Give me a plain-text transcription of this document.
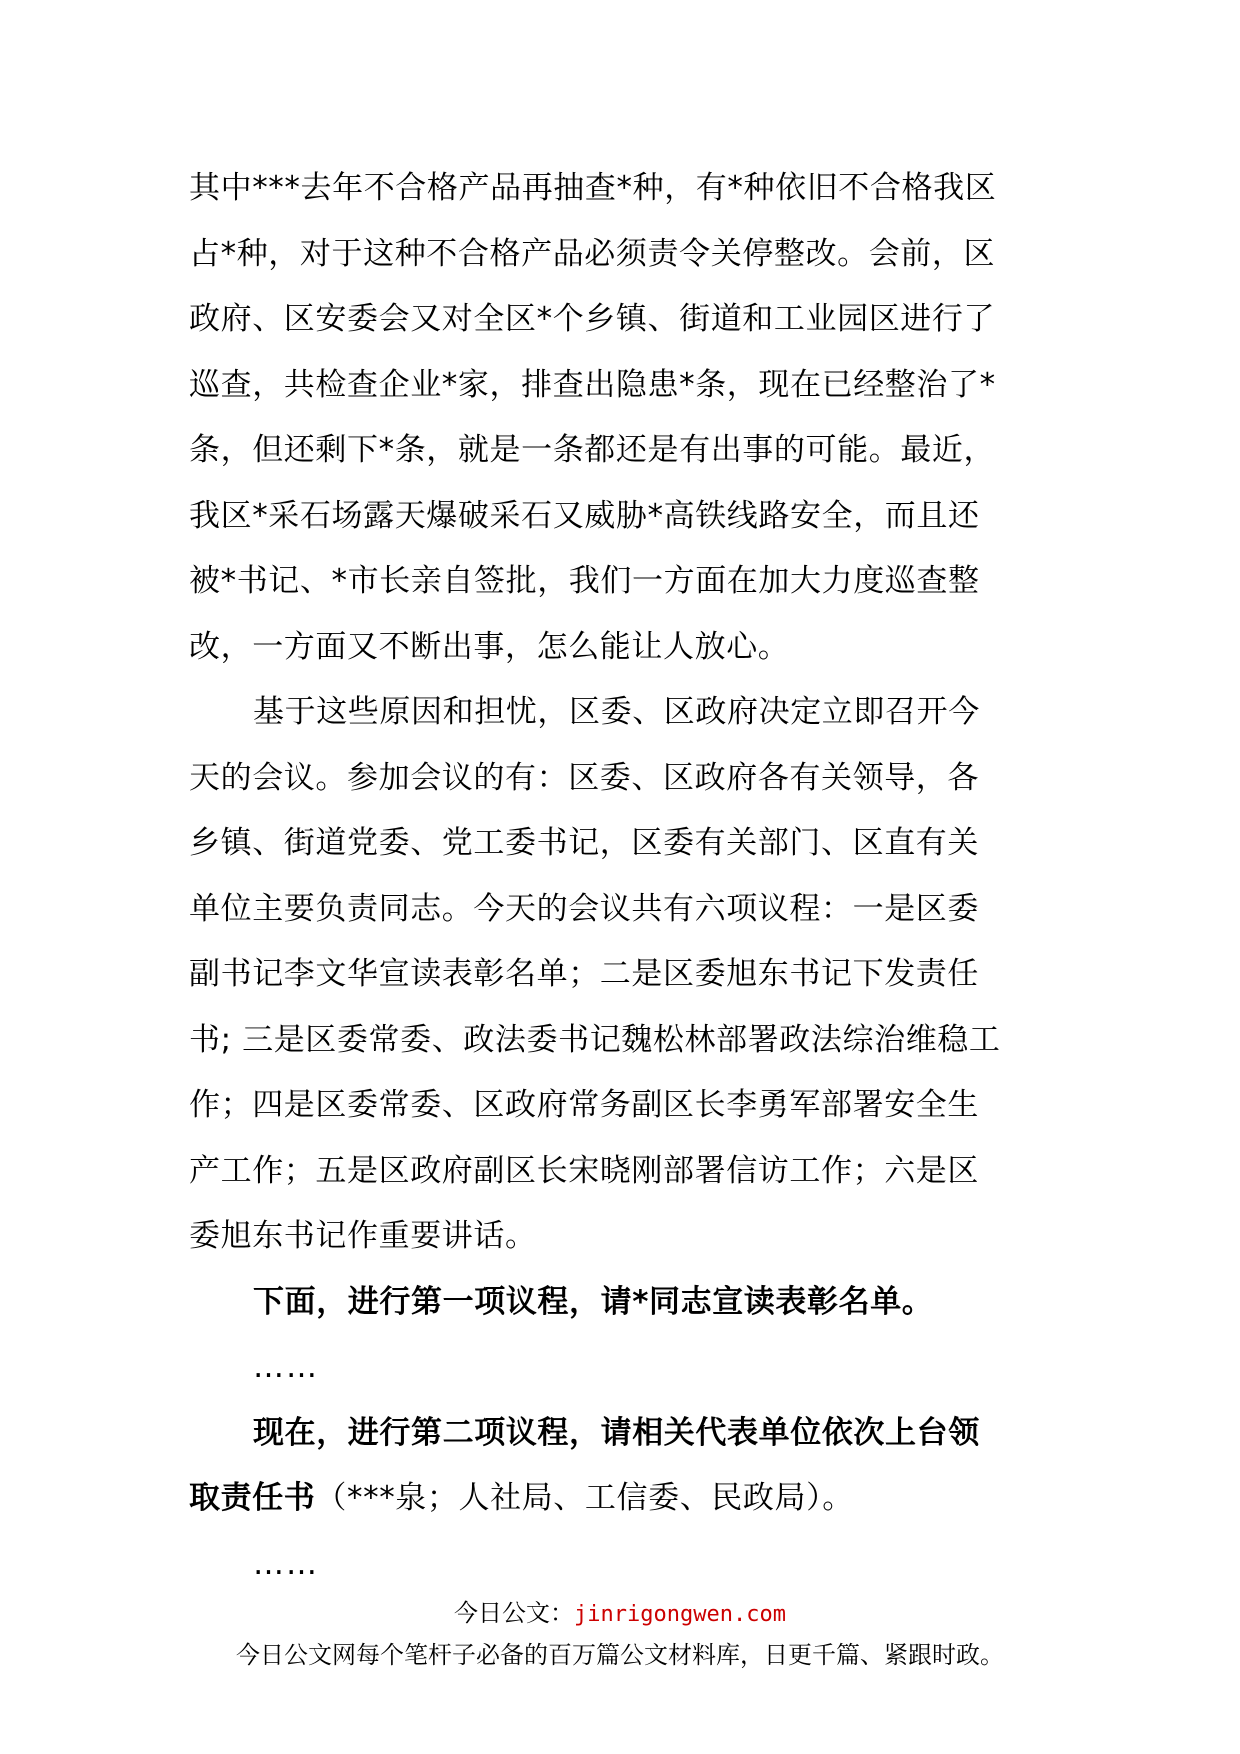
其中***去年不合格产品再抽查*种，有*种依旧不合格我区
占*种，对于这种不合格产品必须责令关停整改。会前，区
政府、区安委会又对全区*个乡镇、街道和工业园区进行了
巡查，共检查企业*家，排查出隐患*条，现在已经整治了*
条，但还剩下*条，就是一条都还是有出事的可能。最近，
我区*采石场露天爆破采石又威胁*高铁线路安全，而且还
被*书记、*市长亲自签批，我们一方面在加大力度巡查整
改，一方面又不断出事，怎么能让人放心。

基于这些原因和担忧，区委、区政府决定立即召开今
天的会议。参加会议的有：区委、区政府各有关领导，各
乡镇、街道党委、党工委书记，区委有关部门、区直有关
单位主要负责同志。今天的会议共有六项议程：一是区委
副书记李文华宣读表彰名单；二是区委旭东书记下发责任
书; 三是区委常委、政法委书记魏松林部署政法综治维稳工
作；四是区委常委、区政府常务副区长李勇军部署安全生
产工作；五是区政府副区长宋晓刚部署信访工作；六是区
委旭东书记作重要讲话。

下面，进行第一项议程，请*同志宣读表彰名单。

……

现在，进行第二项议程，请相关代表单位依次上台领
取责任书（***泉；人社局、工信委、民政局）。

……

今日公文：jinrigongwen.com
今日公文网每个笔杆子必备的百万篇公文材料库，日更千篇、紧跟时政。
